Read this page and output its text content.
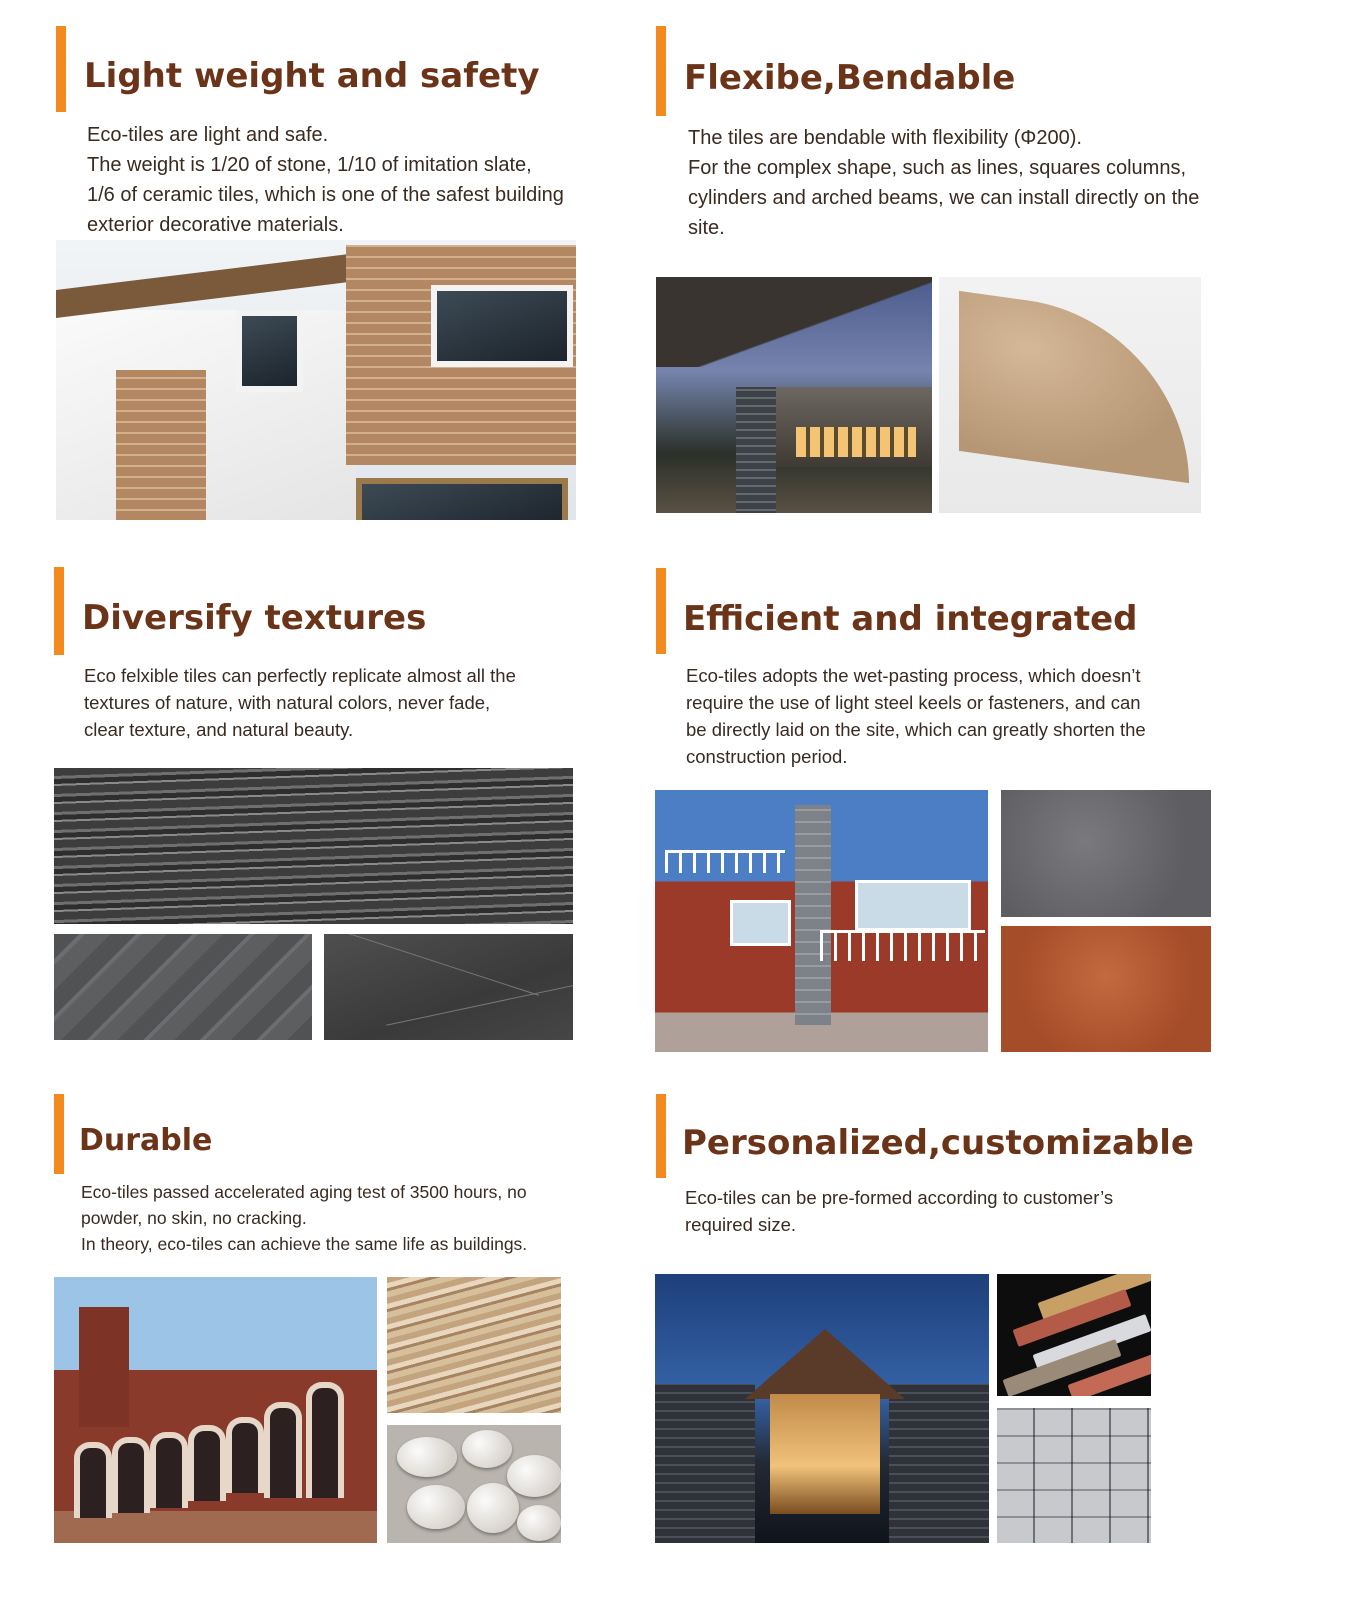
Light weight and safety
Eco-tiles are light and safe.
The weight is 1/20 of stone, 1/10 of imitation slate,
1/6 of ceramic tiles, which is one of the safest building
exterior decorative materials.
Flexibe,Bendable
The tiles are bendable with flexibility (Φ200).
For the complex shape, such as lines, squares columns,
cylinders and arched beams, we can install directly on the
site.
Diversify textures
Eco felxible tiles can perfectly replicate almost all the
textures of nature, with natural colors, never fade,
clear texture, and natural beauty.
Efficient and integrated
Eco-tiles adopts the wet-pasting process, which doesn’t
require the use of light steel keels or fasteners, and can
be directly laid on the site, which can greatly shorten the
construction period.
Durable
Eco-tiles passed accelerated aging test of 3500 hours, no
powder, no skin, no cracking.
In theory, eco-tiles can achieve the same life as buildings.
Personalized,customizable
Eco-tiles can be pre-formed according to customer’s
required size.
